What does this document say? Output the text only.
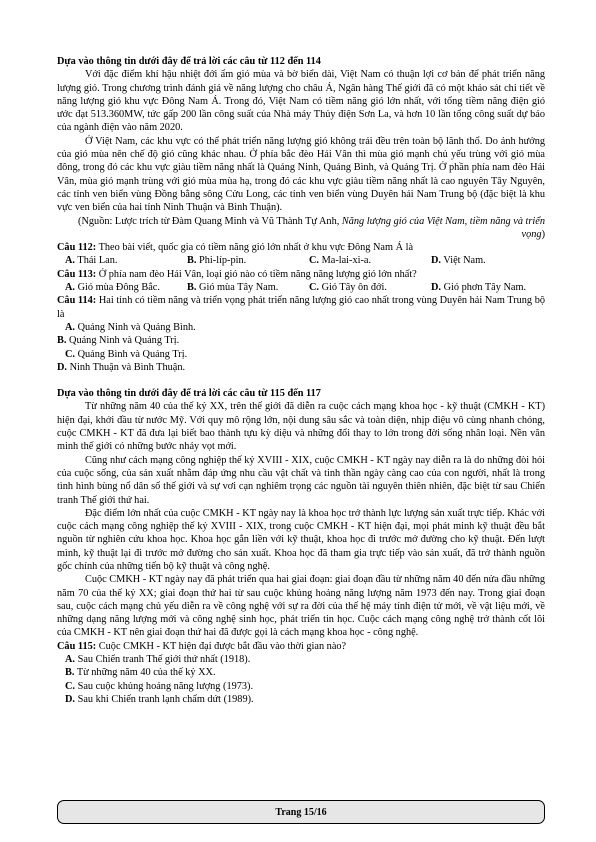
Dựa vào thông tin dưới đây để trả lời các câu từ 112 đến 114

Với đặc điểm khí hậu nhiệt đới ẩm gió mùa và bờ biển dài, Việt Nam có thuận lợi cơ bản để phát triển năng lượng gió. Trong chương trình đánh giá về năng lượng cho châu Á, Ngân hàng Thế giới đã có một khảo sát chi tiết về năng lượng gió khu vực Đông Nam Á. Trong đó, Việt Nam có tiềm năng gió lớn nhất, với tổng tiềm năng điện gió ước đạt 513.360MW, tức gấp 200 lần công suất của Nhà máy Thủy điện Sơn La, và hơn 10 lần tổng công suất dự báo của ngành điện vào năm 2020.

Ở Việt Nam, các khu vực có thể phát triển năng lượng gió không trải đều trên toàn bộ lãnh thổ. Do ảnh hưởng của gió mùa nên chế độ gió cũng khác nhau. Ở phía bắc đèo Hải Vân thì mùa gió mạnh chủ yếu trùng với gió mùa đông, trong đó các khu vực giàu tiềm năng nhất là Quảng Ninh, Quảng Bình, và Quảng Trị. Ở phần phía nam đèo Hải Vân, mùa gió mạnh trùng với gió mùa mùa hạ, trong đó các khu vực giàu tiềm năng nhất là cao nguyên Tây Nguyên, các tỉnh ven biển vùng Đồng bằng sông Cửu Long, các tỉnh ven biển vùng Duyên hải Nam Trung bộ (đặc biệt là khu vực ven biển của hai tỉnh Ninh Thuận và Bình Thuận).

(Nguồn: Lược trích từ Đàm Quang Minh và Vũ Thành Tự Anh, Năng lượng gió của Việt Nam, tiềm năng và triển vọng)

Câu 112: Theo bài viết, quốc gia có tiềm năng gió lớn nhất ở khu vực Đông Nam Á là

A. Thái Lan.	B. Phi-líp-pin.	C. Ma-lai-xi-a.	D. Việt Nam.

Câu 113: Ở phía nam đèo Hải Vân, loại gió nào có tiềm năng năng lượng gió lớn nhất?

A. Gió mùa Đông Bắc.	B. Gió mùa Tây Nam.	C. Gió Tây ôn đới.	D. Gió phơn Tây Nam.

Câu 114: Hai tỉnh có tiềm năng và triển vọng phát triển năng lượng gió cao nhất trong vùng Duyên hải Nam Trung bộ là

A. Quảng Ninh và Quảng Bình.
B. Quảng Ninh và Quảng Trị.
C. Quảng Bình và Quảng Trị.
D. Ninh Thuận và Bình Thuận.

Dựa vào thông tin dưới đây để trả lời các câu từ 115 đến 117

Từ những năm 40 của thế kỷ XX, trên thế giới đã diễn ra cuộc cách mạng khoa học - kỹ thuật (CMKH - KT) hiện đại, khởi đầu từ nước Mỹ. Với quy mô rộng lớn, nội dung sâu sắc và toàn diện, nhịp điệu vô cùng nhanh chóng, cuộc CMKH - KT đã đưa lại biết bao thành tựu kỳ diệu và những đổi thay to lớn trong đời sống nhân loại. Nền văn minh thế giới có những bước nhảy vọt mới.

Cũng như cách mạng công nghiệp thế kỷ XVIII - XIX, cuộc CMKH - KT ngày nay diễn ra là do những đòi hỏi của cuộc sống, của sản xuất nhằm đáp ứng nhu cầu vật chất và tinh thần ngày càng cao của con người, nhất là trong tình hình bùng nổ dân số thế giới và sự vơi cạn nghiêm trọng các nguồn tài nguyên thiên nhiên, đặc biệt từ sau Chiến tranh Thế giới thứ hai.

Đặc điểm lớn nhất của cuộc CMKH - KT ngày nay là khoa học trở thành lực lượng sản xuất trực tiếp. Khác với cuộc cách mạng công nghiệp thế kỷ XVIII - XIX, trong cuộc CMKH - KT hiện đại, mọi phát minh kỹ thuật đều bắt nguồn từ nghiên cứu khoa học. Khoa học gắn liền với kỹ thuật, khoa học đi trước mở đường cho kỹ thuật. Đến lượt mình, kỹ thuật lại đi trước mở đường cho sản xuất. Khoa học đã tham gia trực tiếp vào sản xuất, đã trở thành nguồn gốc chính của những tiến bộ kỹ thuật và công nghệ.

Cuộc CMKH - KT ngày nay đã phát triển qua hai giai đoạn: giai đoạn đầu từ những năm 40 đến nửa đầu những năm 70 của thế kỷ XX; giai đoạn thứ hai từ sau cuộc khủng hoảng năng lượng năm 1973 đến nay. Trong giai đoạn sau, cuộc cách mạng chủ yếu diễn ra về công nghệ với sự ra đời của thế hệ máy tính điện tử mới, về vật liệu mới, về những dạng năng lượng mới và công nghệ sinh học, phát triển tin học. Cuộc cách mạng công nghệ trở thành cốt lõi của CMKH - KT nên giai đoạn thứ hai đã được gọi là cách mạng khoa học - công nghệ.

Câu 115: Cuộc CMKH - KT hiện đại được bắt đầu vào thời gian nào?

A. Sau Chiến tranh Thế giới thứ nhất (1918).
B. Từ những năm 40 của thế kỷ XX.
C. Sau cuộc khủng hoảng năng lượng (1973).
D. Sau khi Chiến tranh lạnh chấm dứt (1989).
Trang 15/16
